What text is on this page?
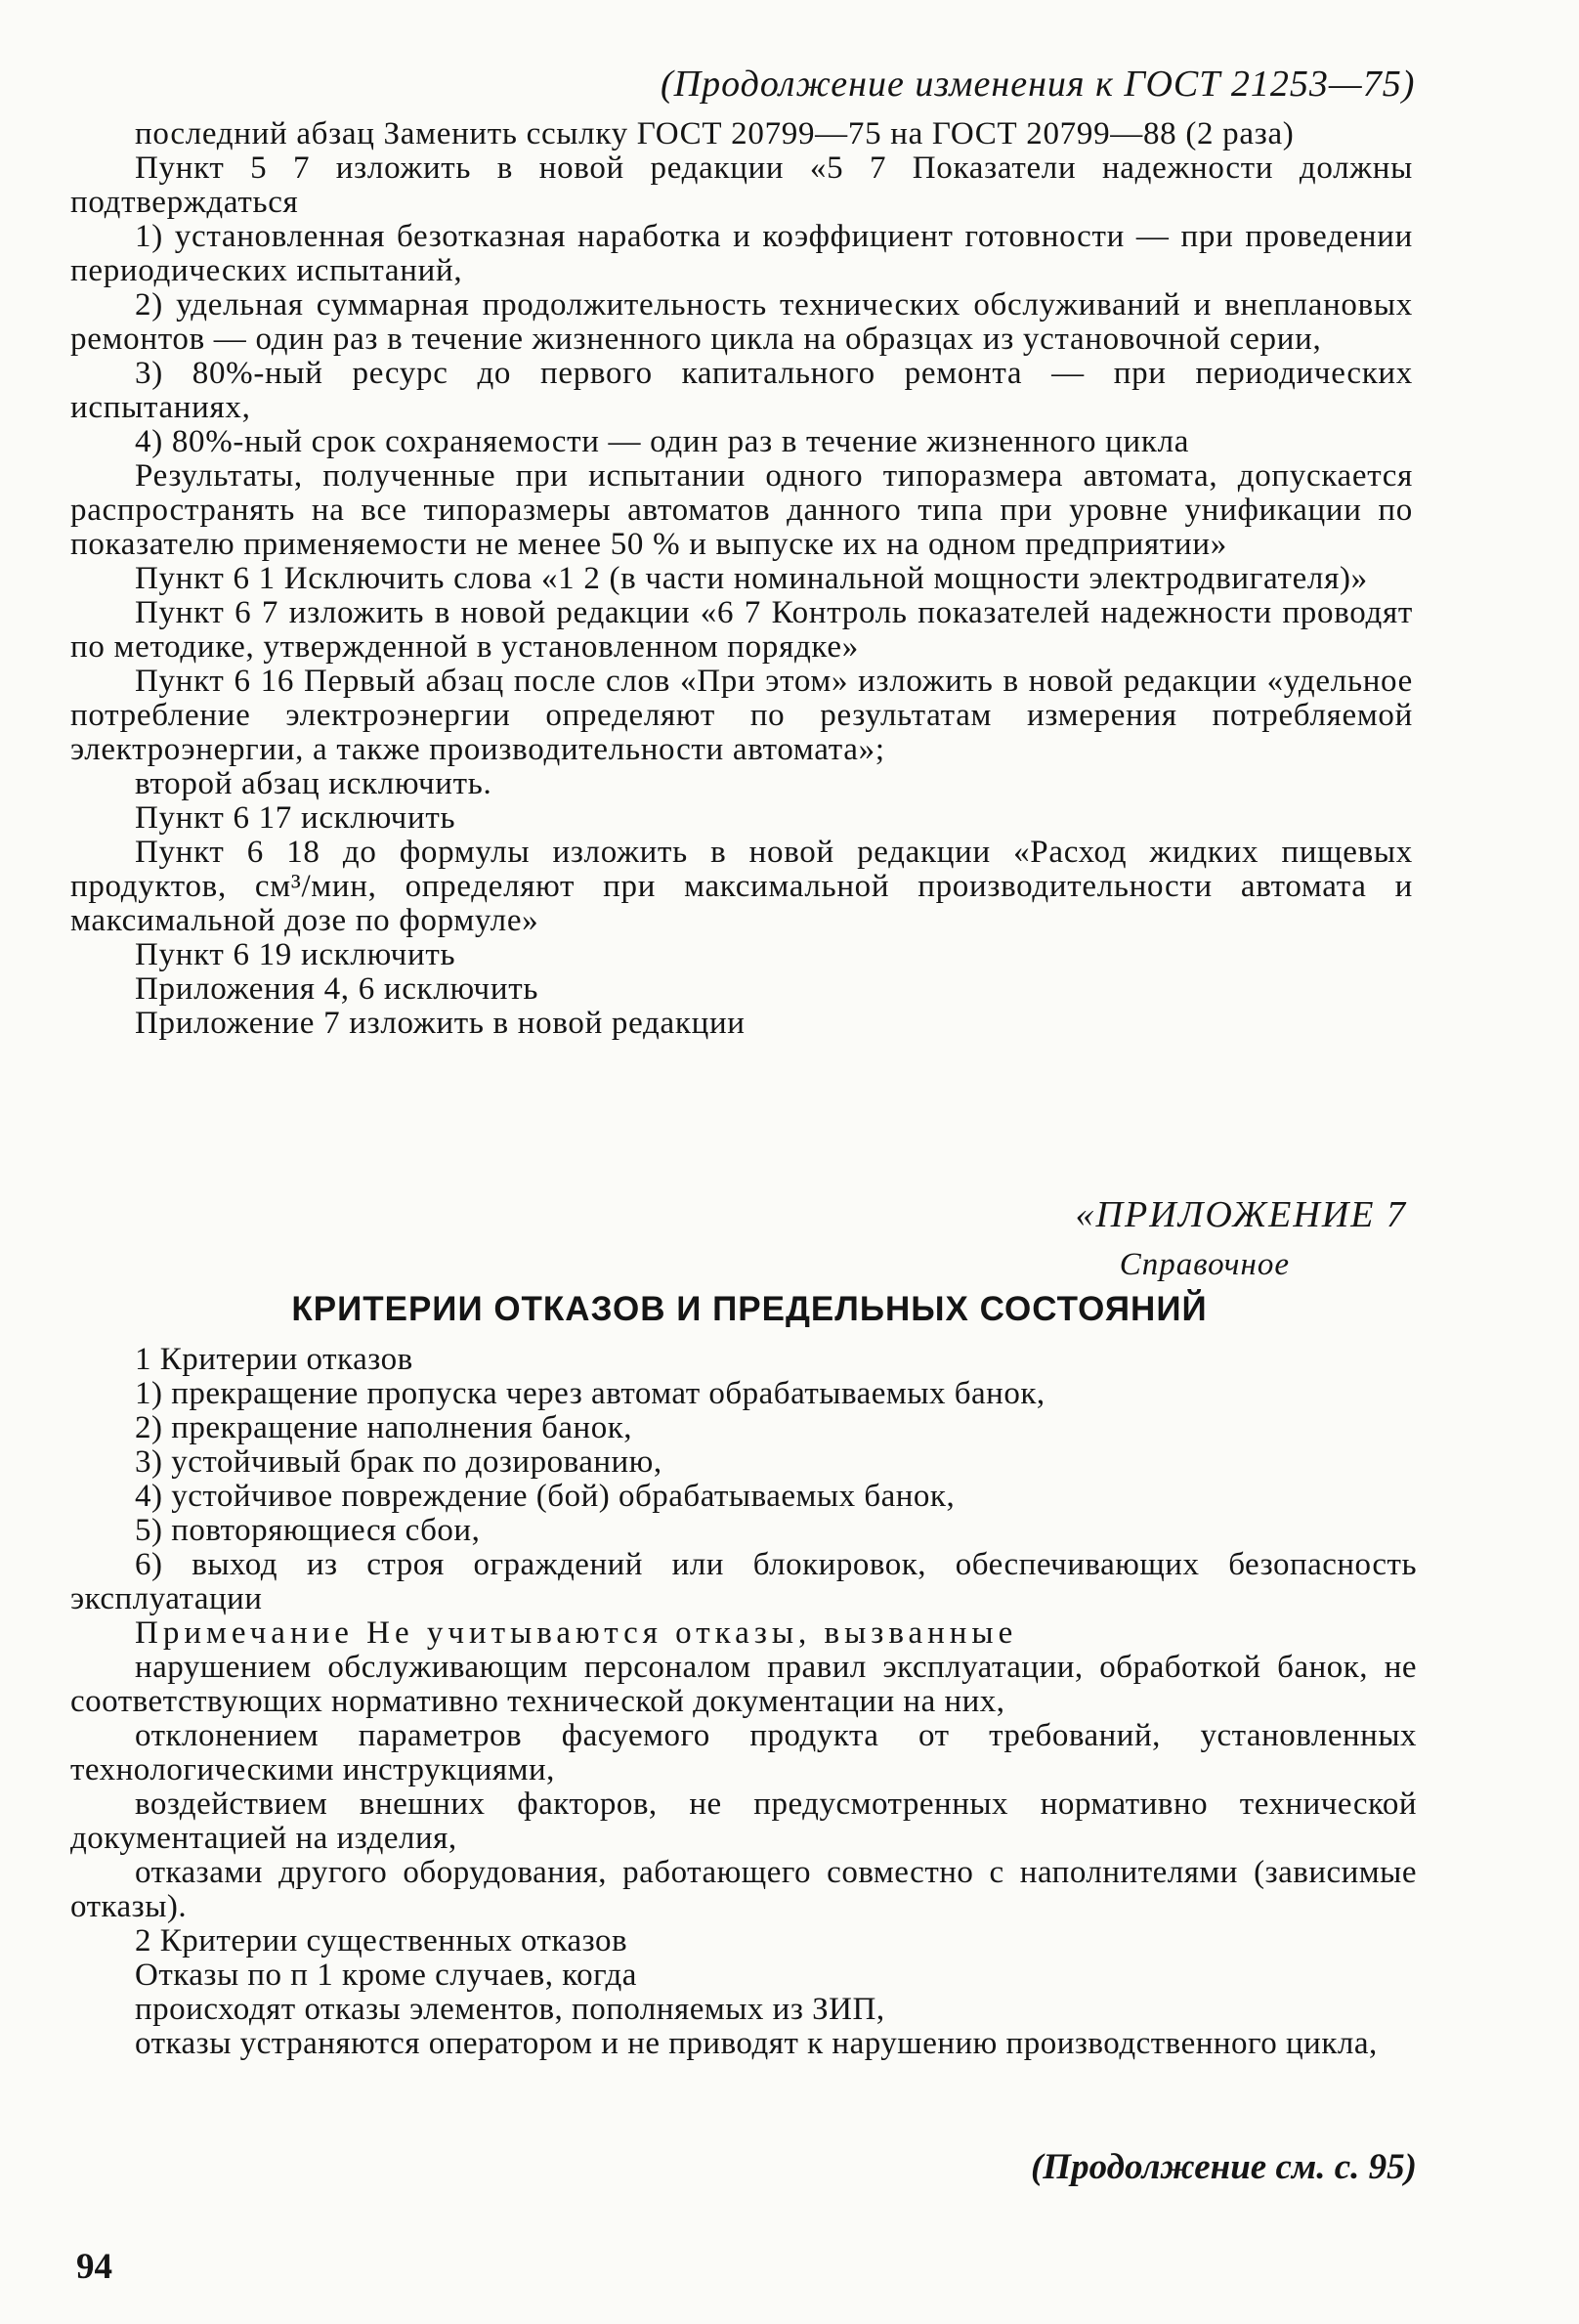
(Продолжение изменения к ГОСТ 21253—75)

последний абзац Заменить ссылку ГОСТ 20799—75 на ГОСТ 20799—88 (2 раза)

Пункт 5 7 изложить в новой редакции «5 7 Показатели надежности должны подтверждаться

1) установленная безотказная наработка и коэффициент готовности — при проведении периодических испытаний,

2) удельная суммарная продолжительность технических обслуживаний и внеплановых ремонтов — один раз в течение жизненного цикла на образцах из установочной серии,

3) 80%-ный ресурс до первого капитального ремонта — при периодических испытаниях,

4) 80%-ный срок сохраняемости — один раз в течение жизненного цикла

Результаты, полученные при испытании одного типоразмера автомата, допускается распространять на все типоразмеры автоматов данного типа при уровне унификации по показателю применяемости не менее 50 % и выпуске их на одном предприятии»

Пункт 6 1 Исключить слова «1 2 (в части номинальной мощности электродвигателя)»

Пункт 6 7 изложить в новой редакции «6 7 Контроль показателей надежности проводят по методике, утвержденной в установленном порядке»

Пункт 6 16 Первый абзац после слов «При этом» изложить в новой редакции «удельное потребление электроэнергии определяют по результатам измерения потребляемой электроэнергии, а также производительности автомата»;

второй абзац исключить.

Пункт 6 17 исключить

Пункт 6 18 до формулы изложить в новой редакции «Расход жидких пищевых продуктов, см³/мин, определяют при максимальной производительности автомата и максимальной дозе по формуле»

Пункт 6 19 исключить

Приложения 4, 6 исключить

Приложение 7 изложить в новой редакции

«ПРИЛОЖЕНИЕ 7
Справочное
КРИТЕРИИ ОТКАЗОВ И ПРЕДЕЛЬНЫХ СОСТОЯНИЙ

1 Критерии отказов

1) прекращение пропуска через автомат обрабатываемых банок,

2) прекращение наполнения банок,

3) устойчивый брак по дозированию,

4) устойчивое повреждение (бой) обрабатываемых банок,

5) повторяющиеся сбои,

6) выход из строя ограждений или блокировок, обеспечивающих безопасность эксплуатации

Примечание Не учитываются отказы, вызванные

нарушением обслуживающим персоналом правил эксплуатации, обработкой банок, не соответствующих нормативно технической документации на них,

отклонением параметров фасуемого продукта от требований, установленных технологическими инструкциями,

воздействием внешних факторов, не предусмотренных нормативно технической документацией на изделия,

отказами другого оборудования, работающего совместно с наполнителями (зависимые отказы).

2 Критерии существенных отказов

Отказы по п 1 кроме случаев, когда

происходят отказы элементов, пополняемых из ЗИП,

отказы устраняются оператором и не приводят к нарушению производственного цикла,

(Продолжение см. с. 95)
94
